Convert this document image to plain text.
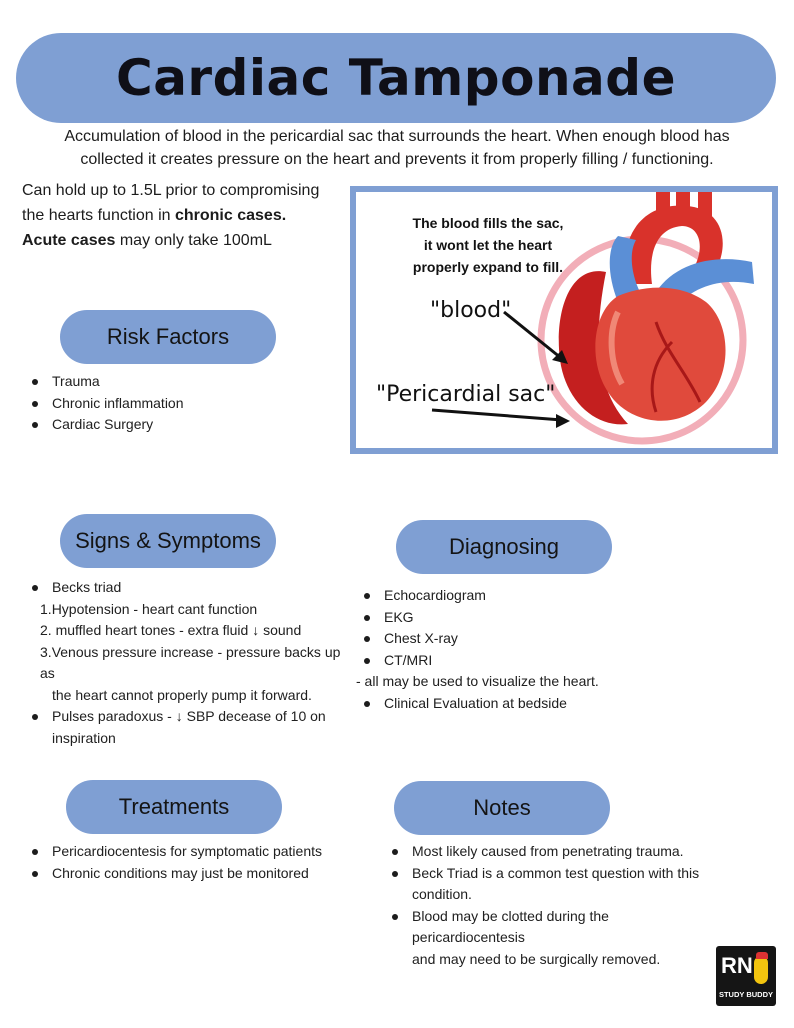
Cardiac Tamponade
Accumulation of blood in the pericardial sac that surrounds the heart. When enough blood has
collected it creates pressure on the heart and prevents it from properly filling / functioning.
Can hold up to 1.5L prior to compromising
the hearts function in chronic cases.
Acute cases may only take 100mL
The blood fills the sac,
it wont let the heart
properly expand to fill.
"blood"
"Pericardial sac"
Risk Factors
Trauma
Chronic inflammation
Cardiac Surgery
Signs & Symptoms
Becks triad
1.Hypotension - heart cant function
2. muffled heart tones - extra fluid ↓ sound
3.Venous pressure increase - pressure backs up as
the heart cannot properly pump it forward.
Pulses paradoxus - ↓ SBP decease of 10 on
inspiration
Diagnosing
Echocardiogram
EKG
Chest X-ray
CT/MRI
- all may be used to visualize the heart.
Clinical Evaluation at bedside
Treatments
Pericardiocentesis for symptomatic patients
Chronic conditions may just be monitored
Notes
Most likely caused from penetrating trauma.
Beck Triad is a common test question with this
condition.
Blood may be clotted during the pericardiocentesis
and may need to be surgically removed.	RN
STUDY BUDDY
